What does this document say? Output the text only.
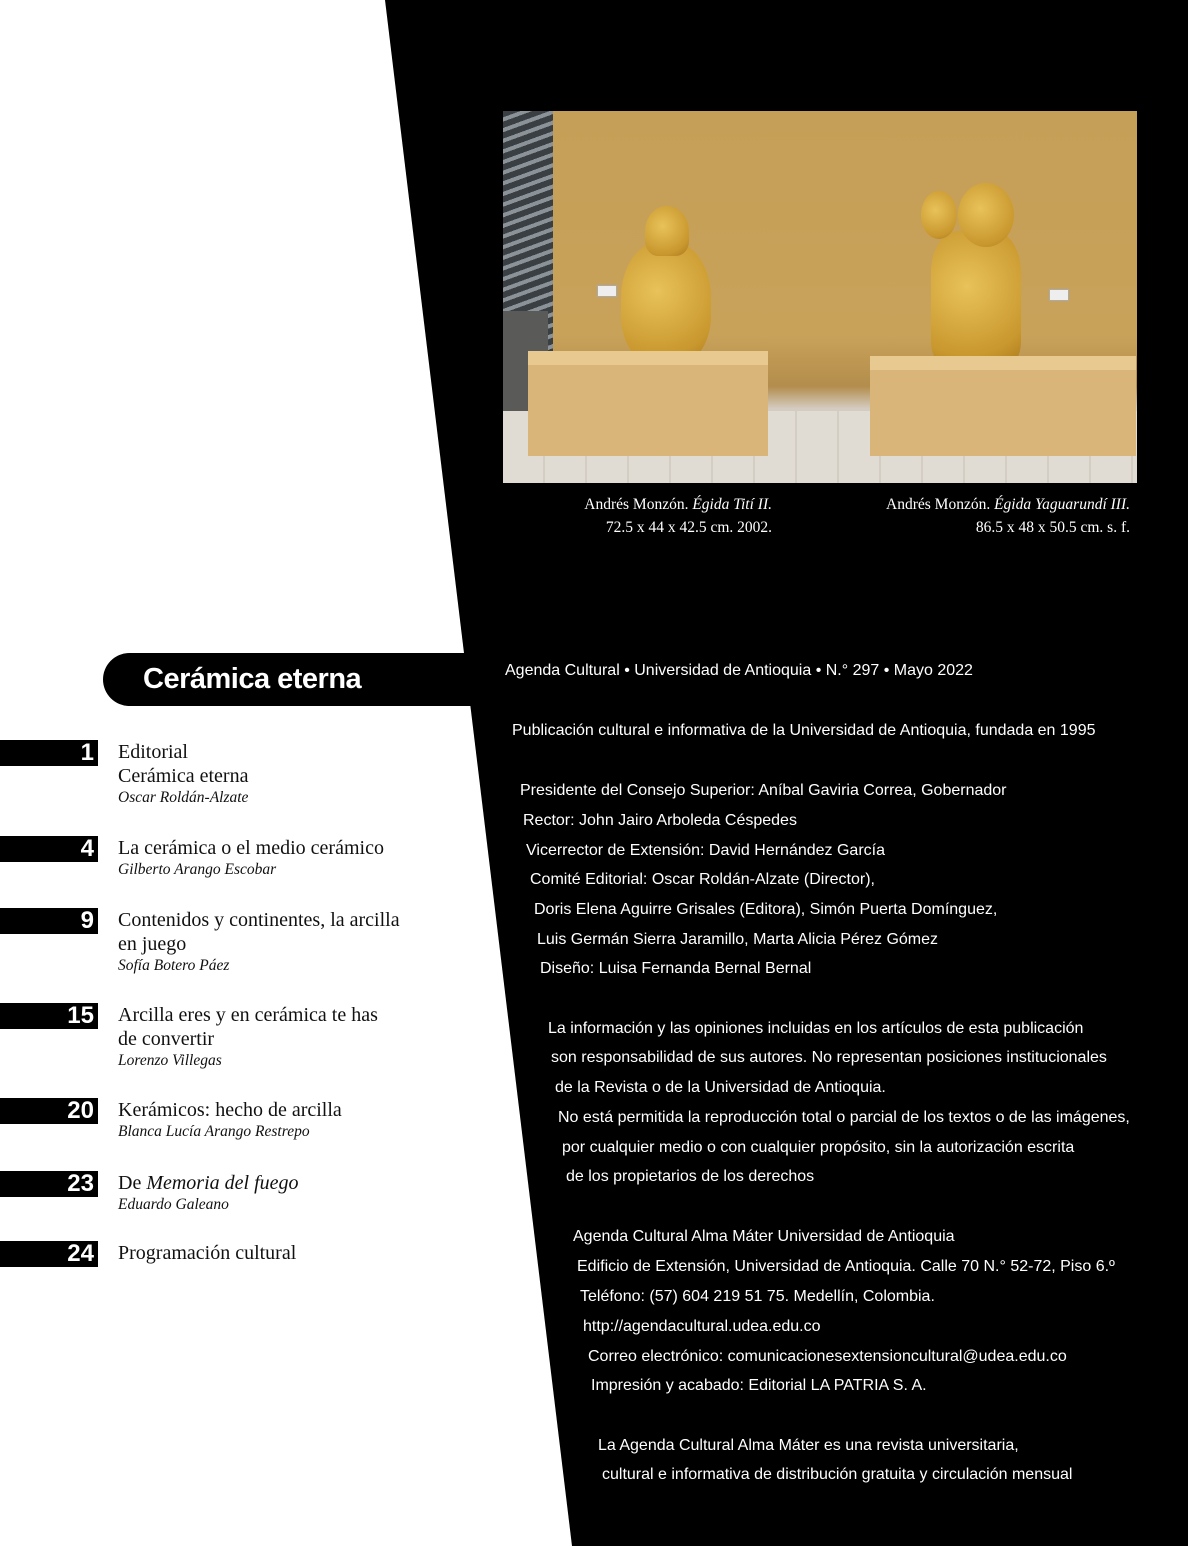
Andrés Monzón. Égida Tití II.
72.5 x 44 x 42.5 cm. 2002.
Andrés Monzón. Égida Yaguarundí III.
86.5 x 48 x 50.5 cm. s. f.
Cerámica eterna
1 Editorial
Cerámica eterna
Oscar Roldán-Alzate
4 La cerámica o el medio cerámico
Gilberto Arango Escobar
9 Contenidos y continentes, la arcilla
en juego
Sofía Botero Páez
15 Arcilla eres y en cerámica te has
de convertir
Lorenzo Villegas
20 Kerámicos: hecho de arcilla
Blanca Lucía Arango Restrepo
23 De Memoria del fuego
Eduardo Galeano
24 Programación cultural
Agenda Cultural • Universidad de Antioquia • N.° 297 • Mayo 2022
Publicación cultural e informativa de la Universidad de Antioquia, fundada en 1995
Presidente del Consejo Superior: Aníbal Gaviria Correa, Gobernador
Rector: John Jairo Arboleda Céspedes
Vicerrector de Extensión: David Hernández García
Comité Editorial: Oscar Roldán-Alzate (Director),
Doris Elena Aguirre Grisales (Editora), Simón Puerta Domínguez,
Luis Germán Sierra Jaramillo, Marta Alicia Pérez Gómez
Diseño: Luisa Fernanda Bernal Bernal
La información y las opiniones incluidas en los artículos de esta publicación
son responsabilidad de sus autores. No representan posiciones institucionales
de la Revista o de la Universidad de Antioquia.
No está permitida la reproducción total o parcial de los textos o de las imágenes,
por cualquier medio o con cualquier propósito, sin la autorización escrita
de los propietarios de los derechos
Agenda Cultural Alma Máter Universidad de Antioquia
Edificio de Extensión, Universidad de Antioquia. Calle 70 N.° 52-72, Piso 6.º
Teléfono: (57) 604 219 51 75. Medellín, Colombia.
http://agendacultural.udea.edu.co
Correo electrónico: comunicacionesextensioncultural@udea.edu.co
Impresión y acabado: Editorial LA PATRIA S. A.
La Agenda Cultural Alma Máter es una revista universitaria,
cultural e informativa de distribución gratuita y circulación mensual
